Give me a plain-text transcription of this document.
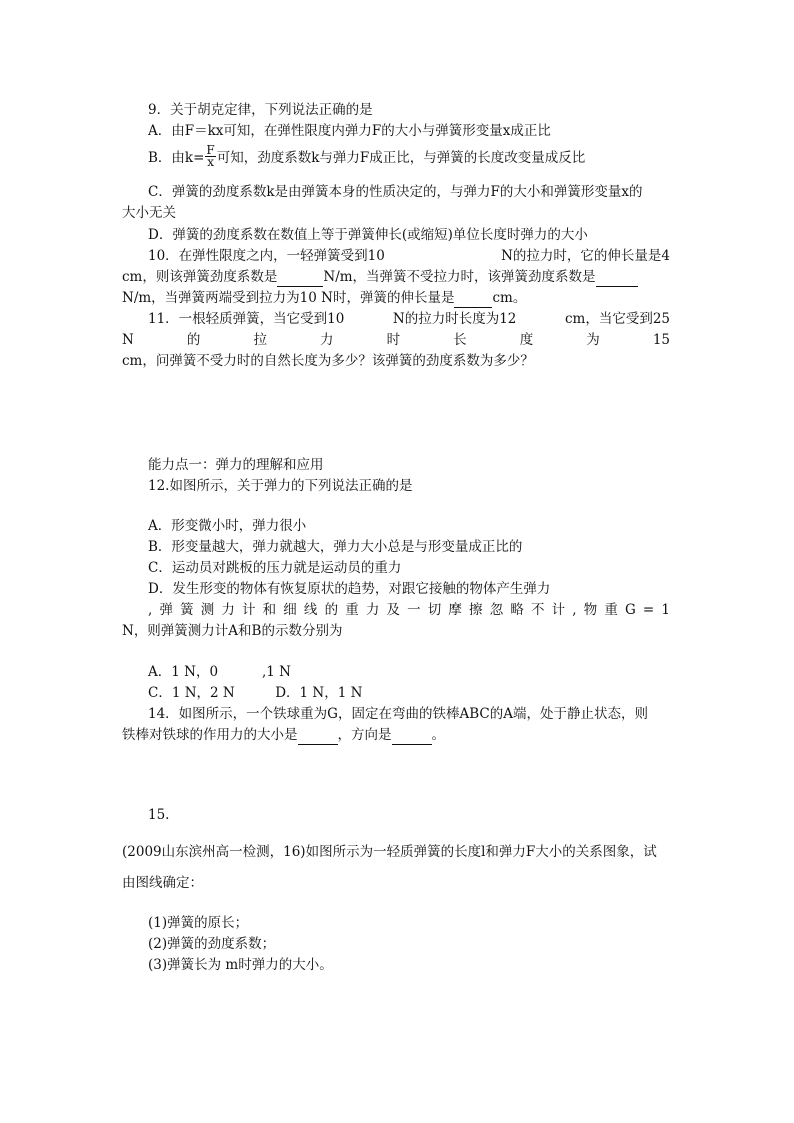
9．关于胡克定律，下列说法正确的是
A．由F＝kx可知，在弹性限度内弹力F的大小与弹簧形变量x成正比
B．由$k= \frac{F}{x}$ 可知，劲度系数k与弹力F成正比，与弹簧的长度改变量成反比
C．弹簧的劲度系数k是由弹簧本身的性质决定的，与弹力F的大小和弹簧形变量x的
大小无关
D．弹簧的劲度系数在数值上等于弹簧伸长(或缩短)单位长度时弹力的大小
10．在弹性限度之内，一轻弹簧受到10	N的拉力时，它的伸长量是4
cm，则该弹簧劲度系数是	N/m，当弹簧不受拉力时，该弹簧劲度系数是
N/m，当弹簧两端受到拉力为10 N时，弹簧的伸长量是	cm。
11．一根轻质弹簧，当它受到10	N的拉力时长度为12	cm，当它受到25
N	的	拉	力	时	长	度	为	15
cm，问弹簧不受力时的自然长度为多少？该弹簧的劲度系数为多少？
能力点一：弹力的理解和应用
12.如图所示，关于弹力的下列说法正确的是
A．形变微小时，弹力很小
B．形变量越大，弹力就越大，弹力大小总是与形变量成正比的
C．运动员对跳板的压力就是运动员的重力
D．发生形变的物体有恢复原状的趋势，对跟它接触的物体产生弹力
, 弹 簧 测 力 计 和 细 线 的 重 力 及 一 切 摩 擦 忽 略 不 计 , 物 重 G = 1
N，则弹簧测力计A和B的示数分别为
A．1 N，0	,1 N
C．1 N，2 N　　　D．1 N，1 N
14．如图所示，一个铁球重为G，固定在弯曲的铁棒ABC的A端，处于静止状态，则
铁棒对铁球的作用力的大小是	，方向是	。
15.
(2009山东滨州高一检测，16)如图所示为一轻质弹簧的长度l和弹力F大小的关系图象，试
由图线确定：
(1)弹簧的原长；
(2)弹簧的劲度系数；
(3)弹簧长为 m时弹力的大小。
